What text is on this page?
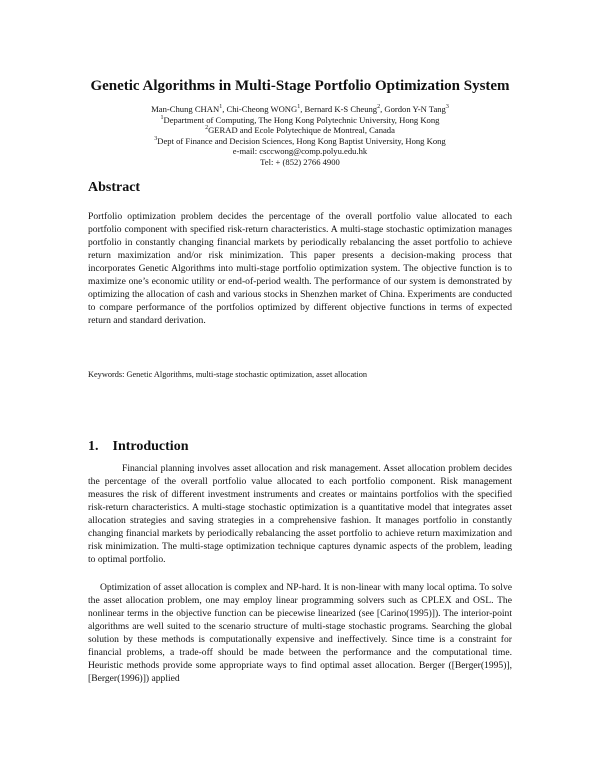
Genetic Algorithms in Multi-Stage Portfolio Optimization System
Man-Chung CHAN$^1$, Chi-Cheong WONG$^1$, Bernard K-S Cheung$^2$, Gordon Y-N Tang$^3$
$^1$Department of Computing, The Hong Kong Polytechnic University, Hong Kong
$^2$GERAD and Ecole Polytechique de Montreal, Canada
$^3$Dept of Finance and Decision Sciences, Hong Kong Baptist University, Hong Kong
e-mail: csccwong@comp.polyu.edu.hk
Tel: + (852) 2766 4900
Abstract

Portfolio optimization problem decides the percentage of the overall portfolio value allocated to each portfolio component with specified risk-return characteristics. A multi-stage stochastic optimization manages portfolio in constantly changing financial markets by periodically rebalancing the asset portfolio to achieve return maximization and/or risk minimization. This paper presents a decision-making process that incorporates Genetic Algorithms into multi-stage portfolio optimization system. The objective function is to maximize one’s economic utility or end-of-period wealth. The performance of our system is demonstrated by optimizing the allocation of cash and various stocks in Shenzhen market of China. Experiments are conducted to compare performance of the portfolios optimized by different objective functions in terms of expected return and standard derivation.

Keywords: Genetic Algorithms, multi-stage stochastic optimization, asset allocation
1. Introduction

Financial planning involves asset allocation and risk management. Asset allocation problem decides the percentage of the overall portfolio value allocated to each portfolio component. Risk management measures the risk of different investment instruments and creates or maintains portfolios with the specified risk-return characteristics. A multi-stage stochastic optimization is a quantitative model that integrates asset allocation strategies and saving strategies in a comprehensive fashion. It manages portfolio in constantly changing financial markets by periodically rebalancing the asset portfolio to achieve return maximization and risk minimization. The multi-stage optimization technique captures dynamic aspects of the problem, leading to optimal portfolio.

Optimization of asset allocation is complex and NP-hard. It is non-linear with many local optima. To solve the asset allocation problem, one may employ linear programming solvers such as CPLEX and OSL. The nonlinear terms in the objective function can be piecewise linearized (see [Carino(1995)]). The interior-point algorithms are well suited to the scenario structure of multi-stage stochastic programs. Searching the global solution by these methods is computationally expensive and ineffectively. Since time is a constraint for financial problems, a trade-off should be made between the performance and the computational time. Heuristic methods provide some appropriate ways to find optimal asset allocation. Berger ([Berger(1995)], [Berger(1996)]) applied
